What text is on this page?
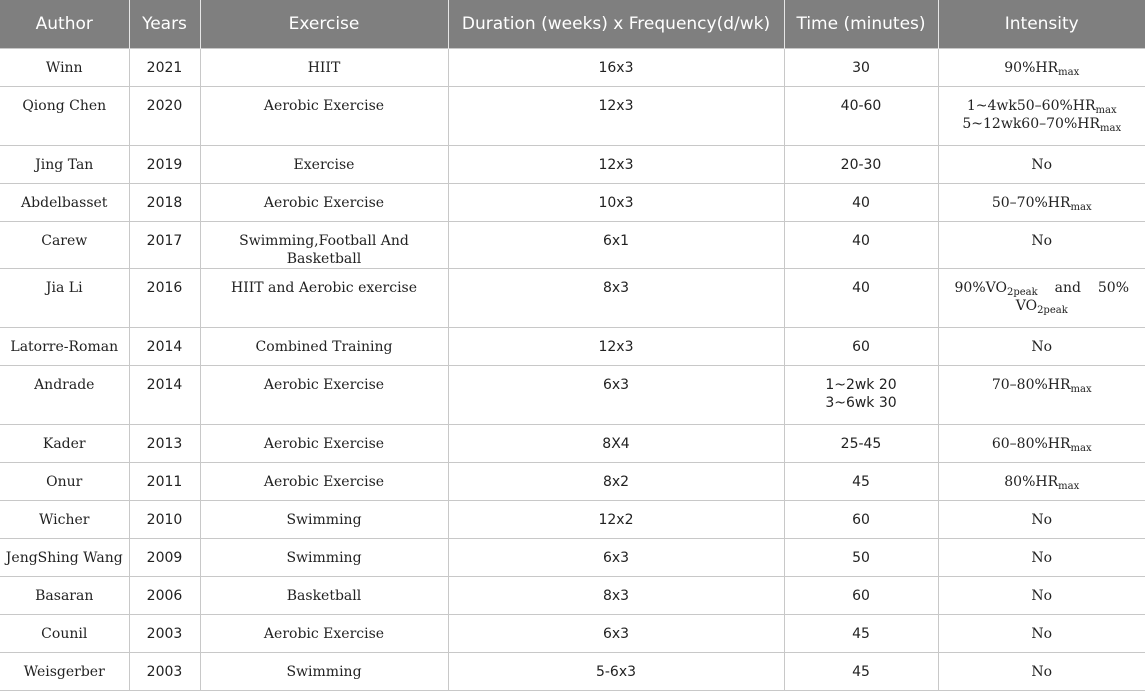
Author	Years	Exercise	Duration (weeks) x Frequency(d/wk)	Time (minutes)	Intensity
Winn	2021	HIIT	16x3	30	$90\%HR_{max}$

Qiong Chen	2020	Aerobic Exercise	12x3	40-60	$1\sim 4wk50-60\%HR_{max}$
$5\sim 12wk60-70\%HR_{max}$

Jing Tan	2019	Exercise	12x3	20-30	No

Abdelbasset	2018	Aerobic Exercise	10x3	40	$50-70\%HR_{max}$

Carew	2017	Swimming,Football And Basketball	6x1	40	No

Jia Li	2016	HIIT and Aerobic exercise	8x3	40	$90\%VO_{2peak}$ and 50%
$VO_{2peak}$

Latorre-Roman	2014	Combined Training	12x3	60	No

Andrade	2014	Aerobic Exercise	6x3	1~2wk 20
3~6wk 30	$70-80\%HR_{max}$

Kader	2013	Aerobic Exercise	8X4	25-45	$60-80\%HR_{max}$

Onur	2011	Aerobic Exercise	8x2	45	$80\%HR_{max}$

Wicher	2010	Swimming	12x2	60	No

JengShing Wang	2009	Swimming	6x3	50	No

Basaran	2006	Basketball	8x3	60	No

Counil	2003	Aerobic Exercise	6x3	45	No

Weisgerber	2003	Swimming	5-6x3	45	No
